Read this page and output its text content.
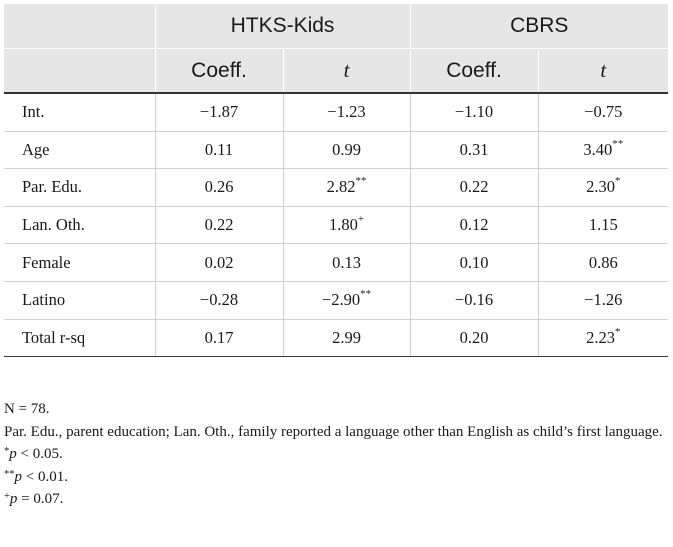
	HTKS-Kids		CBRS	
	Coeff.	t	Coeff.	t
Int.	−1.87	−1.23	−1.10	−0.75
Age	0.11	0.99	0.31	3.40**
Par. Edu.	0.26	2.82**	0.22	2.30*
Lan. Oth.	0.22	1.80+	0.12	1.15
Female	0.02	0.13	0.10	0.86
Latino	−0.28	−2.90**	−0.16	−1.26
Total r-sq	0.17	2.99	0.20	2.23*
N = 78.
Par. Edu., parent education; Lan. Oth., family reported a language other than English as child’s first language.
*p < 0.05.
**p < 0.01.
+p = 0.07.
